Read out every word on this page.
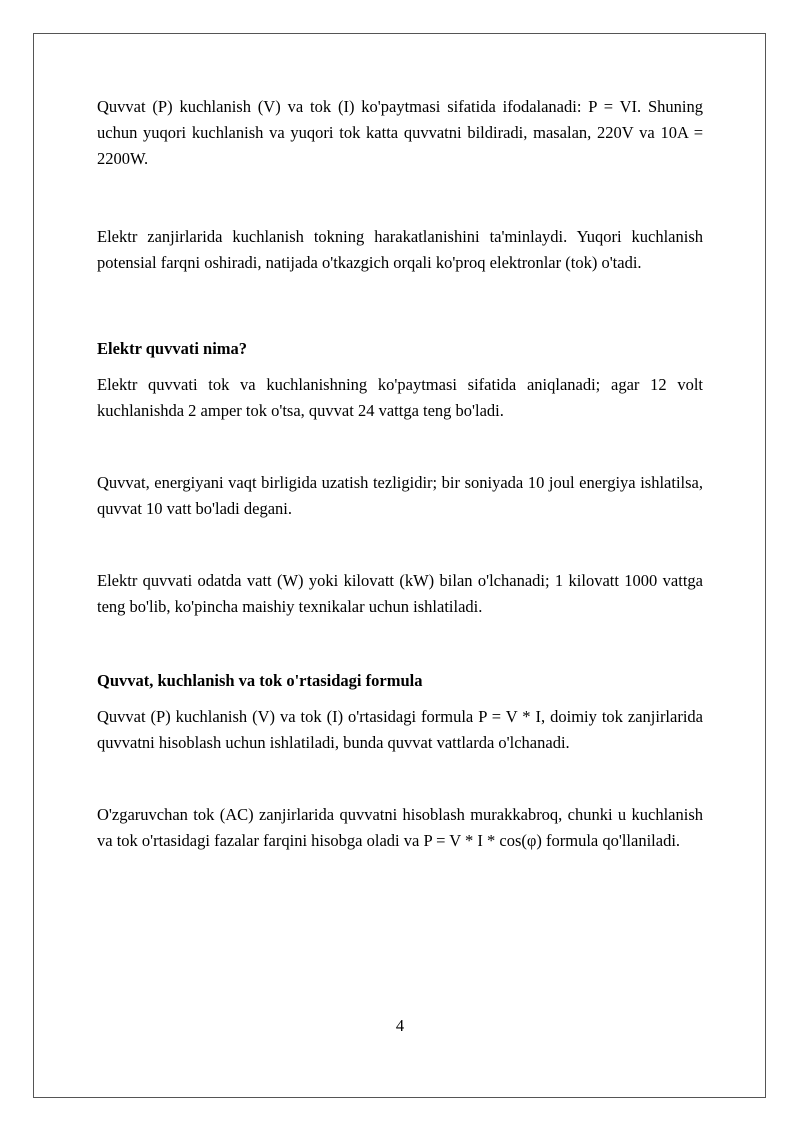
Quvvat (P) kuchlanish (V) va tok (I) ko'paytmasi sifatida ifodalanadi: P = VI. Shuning uchun yuqori kuchlanish va yuqori tok katta quvvatni bildiradi, masalan, 220V va 10A = 2200W.

Elektr zanjirlarida kuchlanish tokning harakatlanishini ta'minlaydi. Yuqori kuchlanish potensial farqni oshiradi, natijada o'tkazgich orqali ko'proq elektronlar (tok) o'tadi.

Elektr quvvati nima?

Elektr quvvati tok va kuchlanishning ko'paytmasi sifatida aniqlanadi; agar 12 volt kuchlanishda 2 amper tok o'tsa, quvvat 24 vattga teng bo'ladi.

Quvvat, energiyani vaqt birligida uzatish tezligidir; bir soniyada 10 joul energiya ishlatilsa, quvvat 10 vatt bo'ladi degani.

Elektr quvvati odatda vatt (W) yoki kilovatt (kW) bilan o'lchanadi; 1 kilovatt 1000 vattga teng bo'lib, ko'pincha maishiy texnikalar uchun ishlatiladi.

Quvvat, kuchlanish va tok o'rtasidagi formula

Quvvat (P) kuchlanish (V) va tok (I) o'rtasidagi formula P = V * I, doimiy tok zanjirlarida quvvatni hisoblash uchun ishlatiladi, bunda quvvat vattlarda o'lchanadi.

O'zgaruvchan tok (AC) zanjirlarida quvvatni hisoblash murakkabroq, chunki u kuchlanish va tok o'rtasidagi fazalar farqini hisobga oladi va P = V * I * cos(φ) formula qo'llaniladi.

4
